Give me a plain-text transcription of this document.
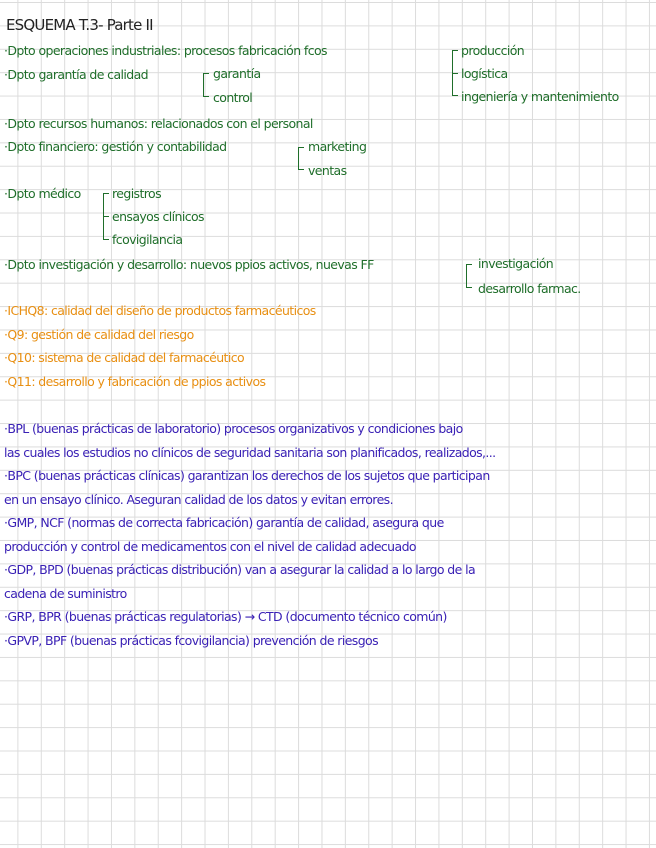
ESQUEMA T.3- Parte II
·Dpto operaciones industriales: procesos fabricación fcos	producción
logística
ingeniería y mantenimiento
·Dpto garantía de calidad	garantía
control
·Dpto recursos humanos: relacionados con el personal
·Dpto financiero: gestión y contabilidad	marketing
ventas
·Dpto médico	registros
ensayos clínicos
fcovigilancia
·Dpto investigación y desarrollo: nuevos ppios activos, nuevas FF	investigación
desarrollo farmac.
·ICHQ8: calidad del diseño de productos farmacéuticos
·Q9: gestión de calidad del riesgo
·Q10: sistema de calidad del farmacéutico
·Q11: desarrollo y fabricación de ppios activos
·BPL (buenas prácticas de laboratorio) procesos organizativos y condiciones bajo
las cuales los estudios no clínicos de seguridad sanitaria son planificados, realizados,...
·BPC (buenas prácticas clínicas) garantizan los derechos de los sujetos que participan
en un ensayo clínico. Aseguran calidad de los datos y evitan errores.
·GMP, NCF (normas de correcta fabricación) garantía de calidad, asegura que
producción y control de medicamentos con el nivel de calidad adecuado
·GDP, BPD (buenas prácticas distribución) van a asegurar la calidad a lo largo de la
cadena de suministro
·GRP, BPR (buenas prácticas regulatorias) → CTD (documento técnico común)
·GPVP, BPF (buenas prácticas fcovigilancia) prevención de riesgos
